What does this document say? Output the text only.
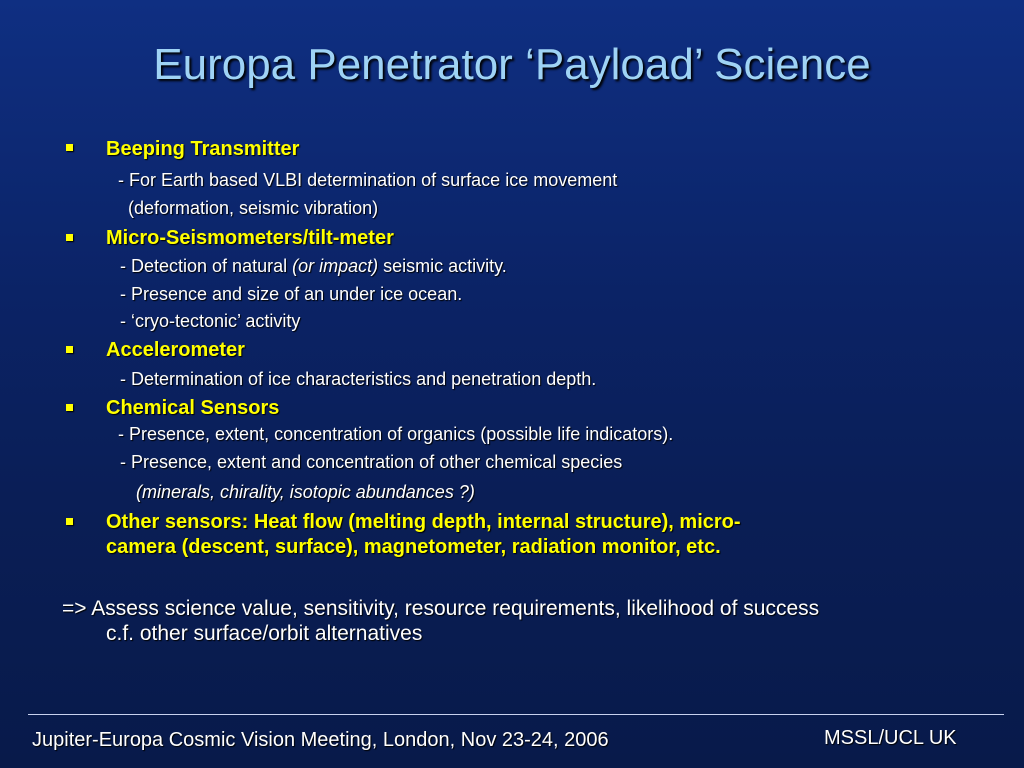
Europa Penetrator ‘Payload’ Science
Beeping Transmitter
- For Earth based VLBI determination of surface ice movement
(deformation, seismic vibration)
Micro-Seismometers/tilt-meter
- Detection of natural (or impact) seismic activity.
- Presence and size of an under ice ocean.
- ‘cryo-tectonic’ activity
Accelerometer
- Determination of ice characteristics and penetration depth.
Chemical Sensors
- Presence, extent, concentration of organics (possible life indicators).
- Presence, extent and concentration of other chemical species
(minerals, chirality, isotopic abundances ?)
Other sensors: Heat flow (melting depth, internal structure), micro-
camera (descent, surface), magnetometer, radiation monitor, etc.
=> Assess science value, sensitivity, resource requirements, likelihood of success
c.f. other surface/orbit alternatives
Jupiter-Europa Cosmic Vision Meeting, London, Nov 23-24, 2006	MSSL/UCL UK
